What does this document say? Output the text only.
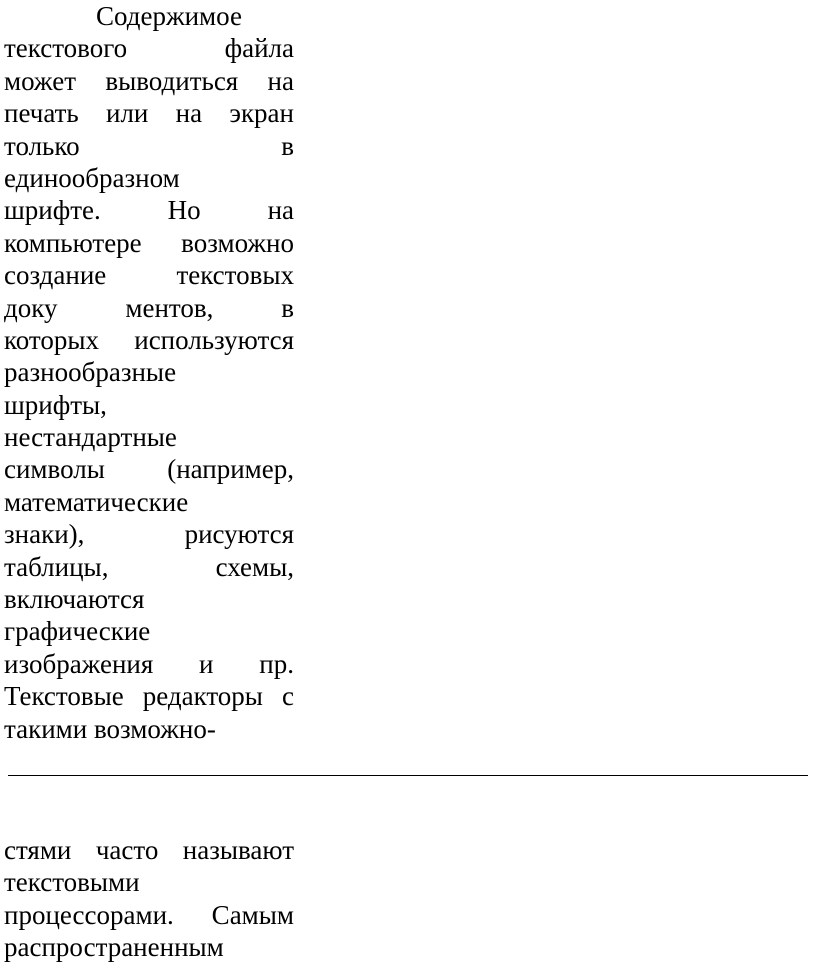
Содержимое
текстового файла
может выводиться на
печать или на экран
только в
единообразном
шрифте. Но на
компьютере возможно
создание текстовых
доку ментов, в
которых используются
разнообразные
шрифты,
нестандартные
символы (например,
математические
знаки), рисуются
таблицы, схемы,
включаются
графические
изображения и пр.
Текстовые редакторы с
такими возможно-
стями часто называют
текстовыми
процессорами. Самым
распространенным
